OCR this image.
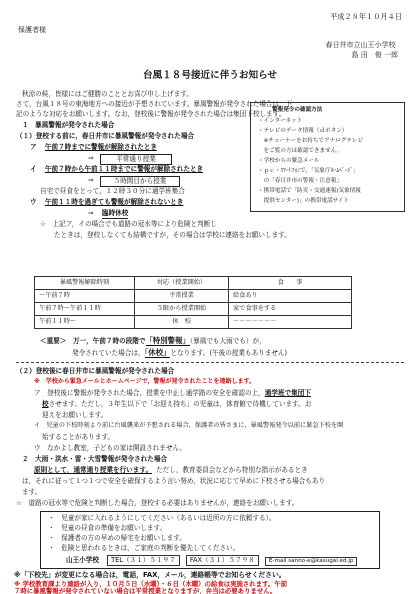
平成２８年１０月４日
保護者様
春日井市立山王小学校
島 田　俊 一郎
台風１８号接近に伴うお知らせ
秋涼の候，皆様にはご健勝のこととお喜び申し上げます。
さて，台風１８号の東海地方への接近が予想されています。暴風警報が発令された場合は，下
記のような対応をお願いします。なお，登校後に警報が発令された場合は集団下校します。
１　暴風警報が発令された場合
（１）登校する前に，春日井市に暴風警報が発令された場合
ア 午前７時までに警報が解除されたとき
⇒	平常通り授業
イ 午前７時から午前１１時までに警報が解除されたとき
⇒	５時間目から授業
自宅で昼食をとって，１２時３０分に通学班集合
ウ 午前１１時を過ぎても警報が解除されないとき
⇒ 臨時休校
☆　上記ア，イの場合でも道路の冠水等により危険と判断し
たときは，登校しなくても結構ですが，その場合は学校に連絡をお願いします。
警報発令の確認方法
・インターネット
・テレビのデータ情報（ｄボタン）
　※チューナーをお持ちでアナログテレビ
　をご覧の方は確認できません。
・学校からの緊急メール
・ｐｃ・ｽﾏｰﾄﾌｫﾝで，「気象庁ﾎｰﾑﾍﾟｰｼﾞ」
　の「春日井市の警報・注意報」
・携帯電話で「防災・交通速報(気象情報
　提供センター)」の携帯電話サイト
暴風警報解除時刻	対応（授業開始）	食　　事
〜午前７時	平常授業	給食あり
午前７時〜午前１１時	５限から授業開始	家で食事をする
午前１１時〜	休　校	－－－－－－－
＜重要＞　万一，午前７時の段階で「特別警報」（暴風でも大雨でも）が，
発令されていた場合は，「休校」となります。(午後の授業もありません)
（２）登校後に春日井市に暴風警報が発令された場合
※　学校から緊急メールとホームページで，警報が発令されたことを連絡します。
ア　登校後に警報が発令された場合，授業を中止し通学路の安全を確認の上，通学班で集団下
校させます。ただし，３年生以下で「お迎え持ち」の児童は，体育館で待機しています。お
迎えをお願いします。
イ　児童の下校時刻より前に台風襲来が予想される場合，保護者の皆さまに，暴風警報発令以前に緊急下校を開
始することがあります。
ウ　なかよし教室，子どもの家は開設されません。
２　大雨・洪水・雷・大雪警報が発令された場合
原則として，通常通り授業を行います。 ただし，教育委員会などから特別な指示があるとき
は，それに従って１つ１つで安全を確保するよう言い努め，状況に応じて早めに下校させる場合もあり
ます。
☆　道路の冠水等で危険と判断した場合，登校する必要はありませんが，連絡をお願いします。
・　児童が家に入れるようにしてください（あるいは近所の方に依頼する）。
・　児童の昼食の準備をお願いします。
・　保護者の方の早めの帰宅をお願いします。
・　危険と思われるときは，ご家庭の判断を優先してください。
山王小学校 TEL（３１）５１９７ FAX（３１）５７９８	E-mail sanno-e@kasugai.ed.jp
※「下校先」が変更になる場合は，電話，FAX，メール，連絡帳等でお知らせください。
※ 学校教育課より連絡が入り，１０月５日（水曜）・６日（木曜）の給食は実施されます。午前
７時に暴風警報が発令されていない場合は平常授業となりますが，弁当は必要ありません。
